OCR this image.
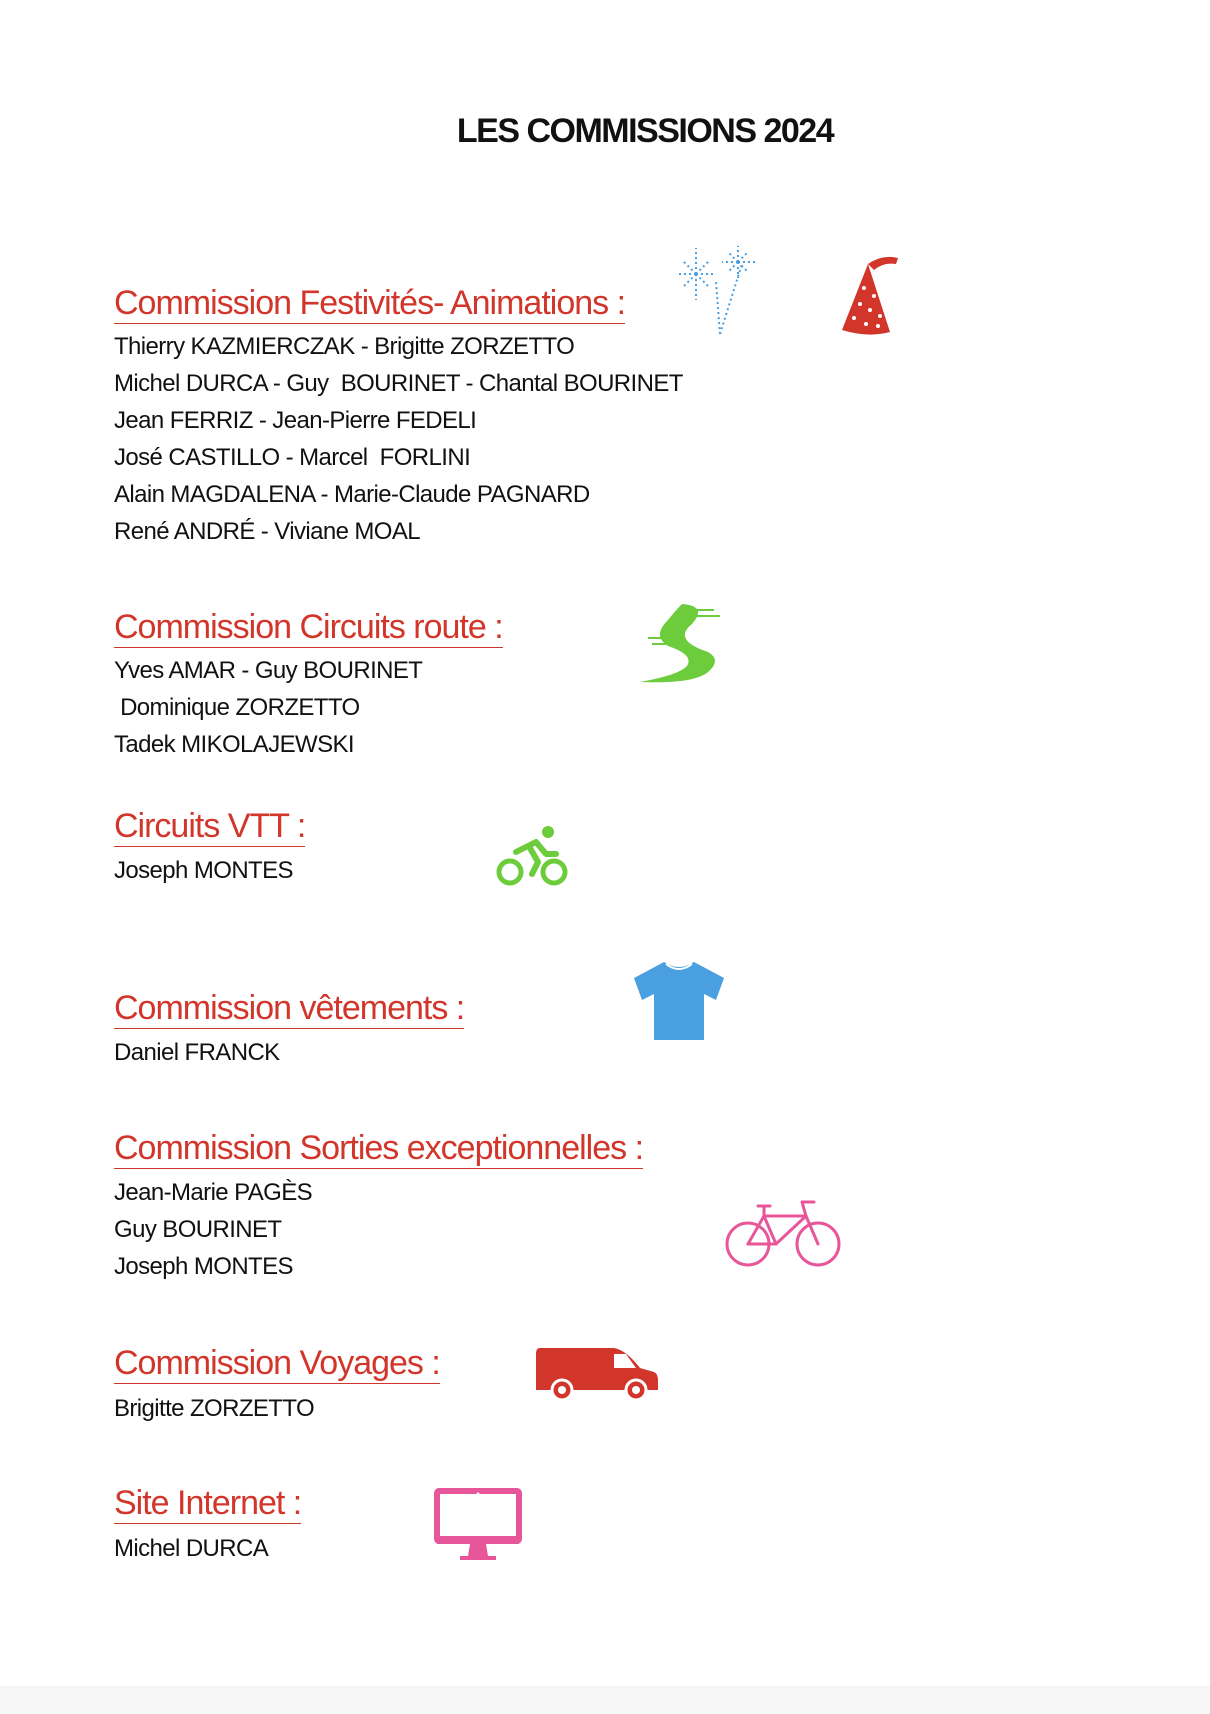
LES COMMISSIONS 2024
Commission Festivités- Animations :
Thierry KAZMIERCZAK - Brigitte ZORZETTO
Michel DURCA - Guy  BOURINET - Chantal BOURINET
Jean FERRIZ - Jean-Pierre FEDELI
José CASTILLO - Marcel  FORLINI
Alain MAGDALENA - Marie-Claude PAGNARD
René ANDRÉ - Viviane MOAL
Commission Circuits route :
Yves AMAR - Guy BOURINET
Dominique ZORZETTO
Tadek MIKOLAJEWSKI
Circuits VTT :
Joseph MONTES
Commission vêtements :
Daniel FRANCK
Commission Sorties exceptionnelles :
Jean-Marie PAGÈS
Guy BOURINET
Joseph MONTES
Commission Voyages :
Brigitte ZORZETTO
Site Internet :
Michel DURCA
